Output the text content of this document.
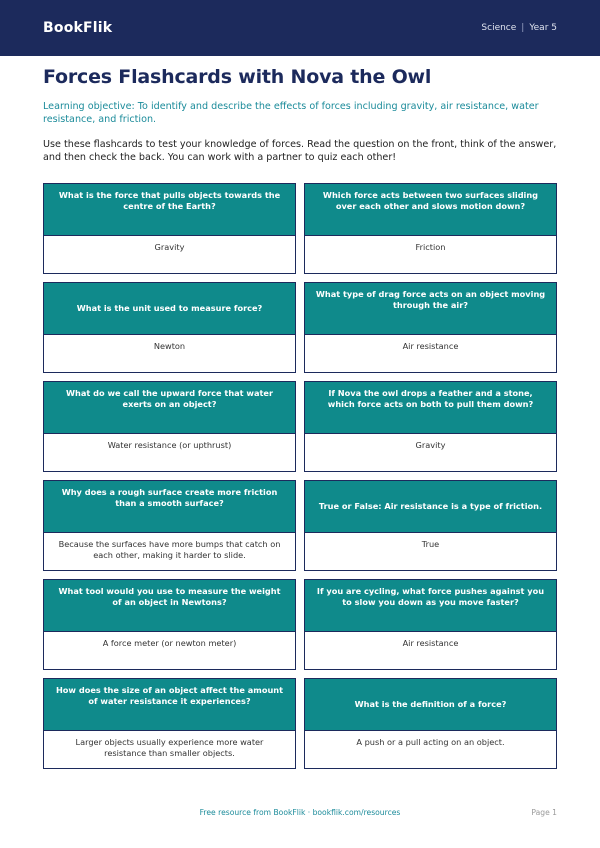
BookFlik	Science | Year 5
Forces Flashcards with Nova the Owl
Learning objective: To identify and describe the effects of forces including gravity, air resistance, water resistance, and friction.
Use these flashcards to test your knowledge of forces. Read the question on the front, think of the answer, and then check the back. You can work with a partner to quiz each other!
What is the force that pulls objects towards the centre of the Earth?
Gravity
Which force acts between two surfaces sliding over each other and slows motion down?
Friction
What is the unit used to measure force?
Newton
What type of drag force acts on an object moving through the air?
Air resistance
What do we call the upward force that water exerts on an object?
Water resistance (or upthrust)
If Nova the owl drops a feather and a stone, which force acts on both to pull them down?
Gravity
Why does a rough surface create more friction than a smooth surface?
Because the surfaces have more bumps that catch on each other, making it harder to slide.
True or False: Air resistance is a type of friction.
True
What tool would you use to measure the weight of an object in Newtons?
A force meter (or newton meter)
If you are cycling, what force pushes against you to slow you down as you move faster?
Air resistance
How does the size of an object affect the amount of water resistance it experiences?
Larger objects usually experience more water resistance than smaller objects.
What is the definition of a force?
A push or a pull acting on an object.
Free resource from BookFlik · bookflik.com/resources	Page 1
